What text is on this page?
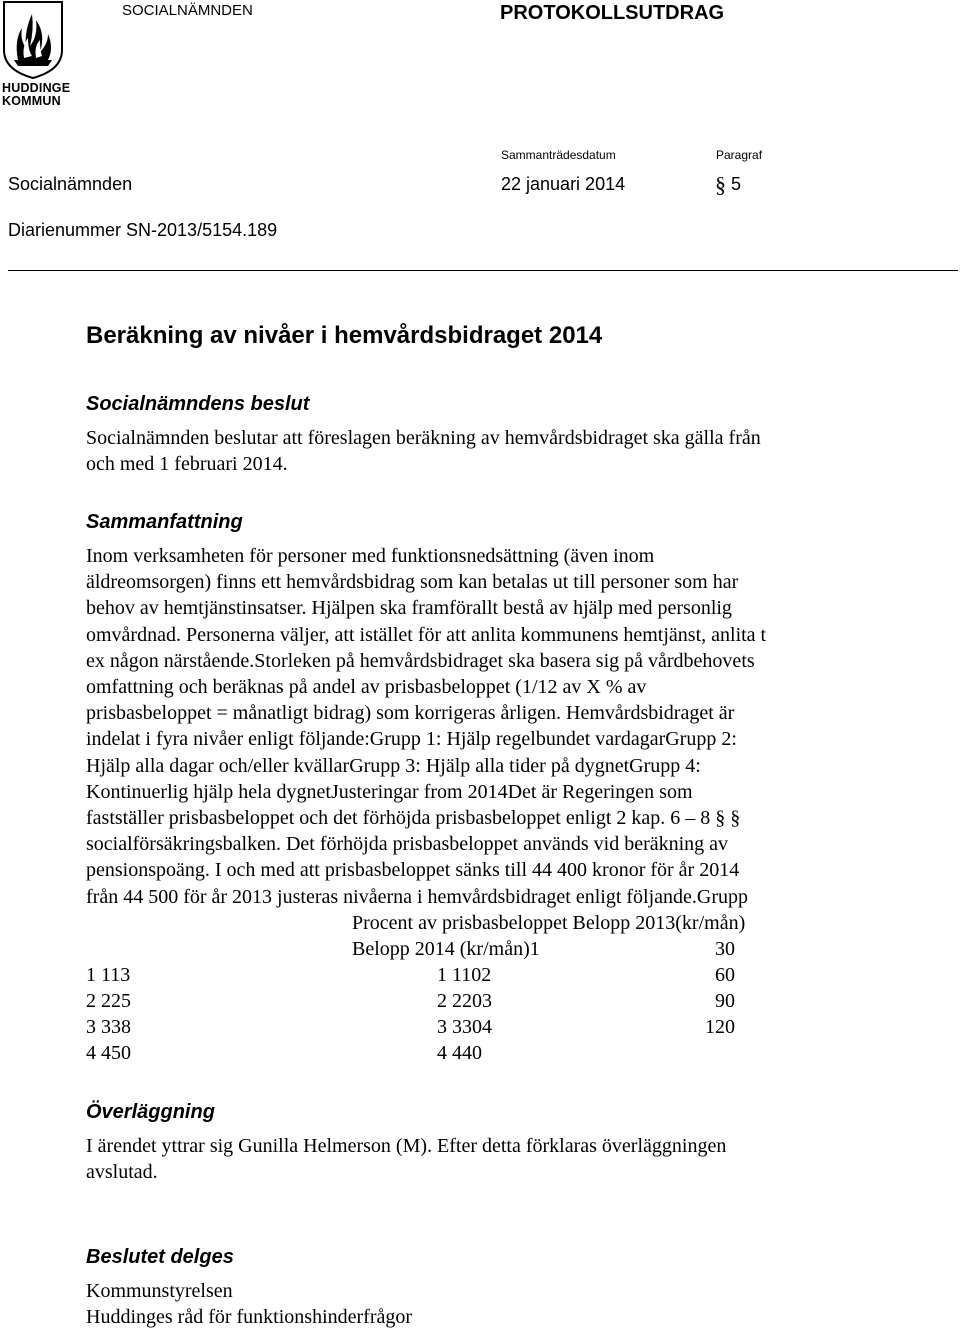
HUDDINGE
KOMMUN
SOCIALNÄMNDEN	PROTOKOLLSUTDRAG
Sammanträdesdatum	Paragraf
Socialnämnden	22 januari 2014	§ 5
Diarienummer SN-2013/5154.189
Beräkning av nivåer i hemvårdsbidraget 2014
Socialnämndens beslut
Socialnämnden beslutar att föreslagen beräkning av hemvårdsbidraget ska gälla från
och med 1 februari 2014.
Sammanfattning
Inom verksamheten för personer med funktionsnedsättning (även inom
äldreomsorgen) finns ett hemvårdsbidrag som kan betalas ut till personer som har
behov av hemtjänstinsatser. Hjälpen ska framförallt bestå av hjälp med personlig
omvårdnad. Personerna väljer, att istället för att anlita kommunens hemtjänst, anlita t
ex någon närstående.Storleken på hemvårdsbidraget ska basera sig på vårdbehovets
omfattning och beräknas på andel av prisbasbeloppet (1/12 av X % av
prisbasbeloppet = månatligt bidrag) som korrigeras årligen. Hemvårdsbidraget är
indelat i fyra nivåer enligt följande:Grupp 1: Hjälp regelbundet vardagarGrupp 2:
Hjälp alla dagar och/eller kvällarGrupp 3: Hjälp alla tider på dygnetGrupp 4:
Kontinuerlig hjälp hela dygnetJusteringar from 2014Det är Regeringen som
fastställer prisbasbeloppet och det förhöjda prisbasbeloppet enligt 2 kap. 6 – 8 § §
socialförsäkringsbalken. Det förhöjda prisbasbeloppet används vid beräkning av
pensionspoäng. I och med att prisbasbeloppet sänks till 44 400 kronor för år 2014
från 44 500 för år 2013 justeras nivåerna i hemvårdsbidraget enligt följande.Grupp
Procent av prisbasbeloppet Belopp 2013(kr/mån)
Belopp 2014 (kr/mån)1	30
1 113	1 1102	60
2 225	2 2203	90
3 338	3 3304	120
4 450	4 440
Överläggning
I ärendet yttrar sig Gunilla Helmerson (M). Efter detta förklaras överläggningen
avslutad.
Beslutet delges
Kommunstyrelsen
Huddinges råd för funktionshinderfrågor
